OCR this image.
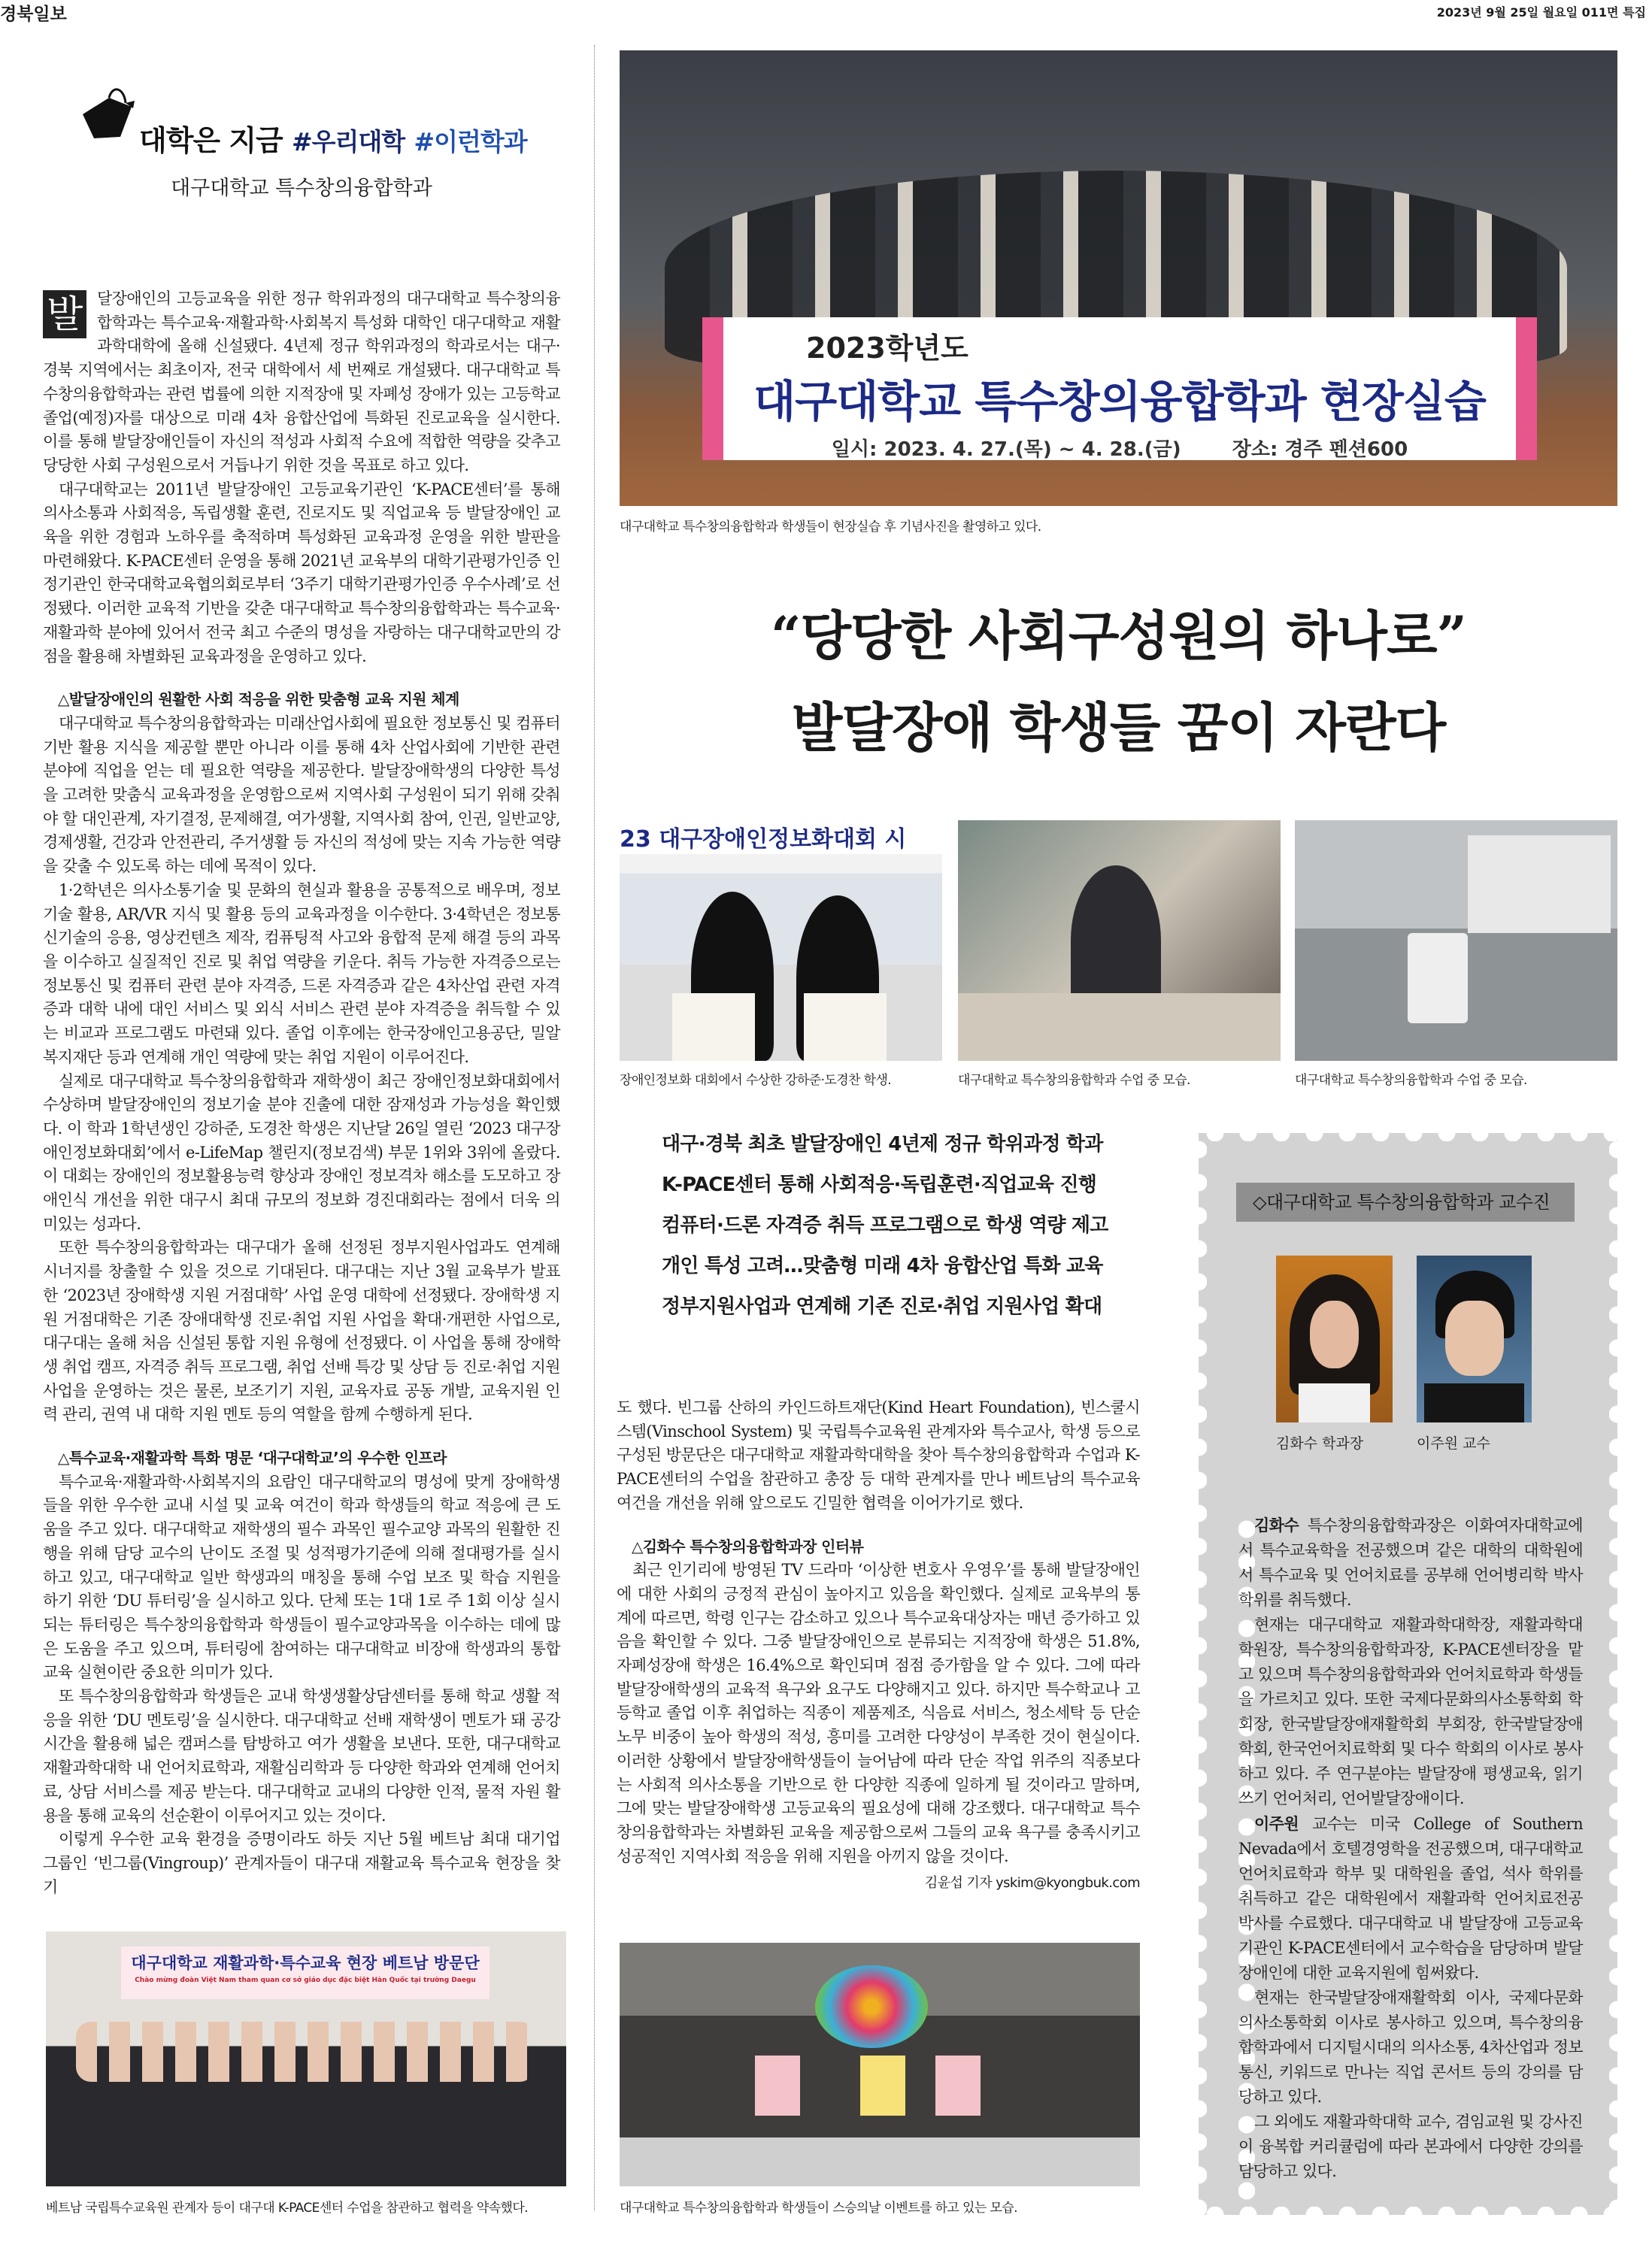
경북일보	2023년 9월 25일 월요일 011면 특집
대학은 지금 #우리대학 #이런학과
대구대학교 특수창의융합학과
발 달장애인의 고등교육을 위한 정규 학위과정의 대구대학교 특수창의융합학과는 특수교육·재활과학·사회복지 특성화 대학인 대구대학교 재활과학대학에 올해 신설됐다. 4년제 정규 학위과정의 학과로서는 대구·경북 지역에서는 최초이자, 전국 대학에서 세 번째로 개설됐다. 대구대학교 특수창의융합학과는 관련 법률에 의한 지적장애 및 자폐성 장애가 있는 고등학교 졸업(예정)자를 대상으로 미래 4차 융합산업에 특화된 진로교육을 실시한다. 이를 통해 발달장애인들이 자신의 적성과 사회적 수요에 적합한 역량을 갖추고 당당한 사회 구성원으로서 거듭나기 위한 것을 목표로 하고 있다.

대구대학교는 2011년 발달장애인 고등교육기관인 ‘K-PACE센터’를 통해 의사소통과 사회적응, 독립생활 훈련, 진로지도 및 직업교육 등 발달장애인 교육을 위한 경험과 노하우를 축적하며 특성화된 교육과정 운영을 위한 발판을 마련해왔다. K-PACE센터 운영을 통해 2021년 교육부의 대학기관평가인증 인정기관인 한국대학교육협의회로부터 ‘3주기 대학기관평가인증 우수사례’로 선정됐다. 이러한 교육적 기반을 갖춘 대구대학교 특수창의융합학과는 특수교육·재활과학 분야에 있어서 전국 최고 수준의 명성을 자랑하는 대구대학교만의 강점을 활용해 차별화된 교육과정을 운영하고 있다.

△발달장애인의 원활한 사회 적응을 위한 맞춤형 교육 지원 체계

대구대학교 특수창의융합학과는 미래산업사회에 필요한 정보통신 및 컴퓨터 기반 활용 지식을 제공할 뿐만 아니라 이를 통해 4차 산업사회에 기반한 관련 분야에 직업을 얻는 데 필요한 역량을 제공한다. 발달장애학생의 다양한 특성을 고려한 맞춤식 교육과정을 운영함으로써 지역사회 구성원이 되기 위해 갖춰야 할 대인관계, 자기결정, 문제해결, 여가생활, 지역사회 참여, 인권, 일반교양, 경제생활, 건강과 안전관리, 주거생활 등 자신의 적성에 맞는 지속 가능한 역량을 갖출 수 있도록 하는 데에 목적이 있다.

1·2학년은 의사소통기술 및 문화의 현실과 활용을 공통적으로 배우며, 정보기술 활용, AR/VR 지식 및 활용 등의 교육과정을 이수한다. 3·4학년은 정보통신기술의 응용, 영상컨텐츠 제작, 컴퓨팅적 사고와 융합적 문제 해결 등의 과목을 이수하고 실질적인 진로 및 취업 역량을 키운다. 취득 가능한 자격증으로는 정보통신 및 컴퓨터 관련 분야 자격증, 드론 자격증과 같은 4차산업 관련 자격증과 대학 내에 대인 서비스 및 외식 서비스 관련 분야 자격증을 취득할 수 있는 비교과 프로그램도 마련돼 있다. 졸업 이후에는 한국장애인고용공단, 밀알복지재단 등과 연계해 개인 역량에 맞는 취업 지원이 이루어진다.

실제로 대구대학교 특수창의융합학과 재학생이 최근 장애인정보화대회에서 수상하며 발달장애인의 정보기술 분야 진출에 대한 잠재성과 가능성을 확인했다. 이 학과 1학년생인 강하준, 도경찬 학생은 지난달 26일 열린 ‘2023 대구장애인정보화대회’에서 e-LifeMap 챌린지(정보검색) 부문 1위와 3위에 올랐다. 이 대회는 장애인의 정보활용능력 향상과 장애인 정보격차 해소를 도모하고 장애인식 개선을 위한 대구시 최대 규모의 정보화 경진대회라는 점에서 더욱 의미있는 성과다.

또한 특수창의융합학과는 대구대가 올해 선정된 정부지원사업과도 연계해 시너지를 창출할 수 있을 것으로 기대된다. 대구대는 지난 3월 교육부가 발표한 ‘2023년 장애학생 지원 거점대학’ 사업 운영 대학에 선정됐다. 장애학생 지원 거점대학은 기존 장애대학생 진로·취업 지원 사업을 확대·개편한 사업으로, 대구대는 올해 처음 신설된 통합 지원 유형에 선정됐다. 이 사업을 통해 장애학생 취업 캠프, 자격증 취득 프로그램, 취업 선배 특강 및 상담 등 진로·취업 지원 사업을 운영하는 것은 물론, 보조기기 지원, 교육자료 공동 개발, 교육지원 인력 관리, 권역 내 대학 지원 멘토 등의 역할을 함께 수행하게 된다.

△특수교육·재활과학 특화 명문 ‘대구대학교’의 우수한 인프라

특수교육·재활과학·사회복지의 요람인 대구대학교의 명성에 맞게 장애학생들을 위한 우수한 교내 시설 및 교육 여건이 학과 학생들의 학교 적응에 큰 도움을 주고 있다. 대구대학교 재학생의 필수 과목인 필수교양 과목의 원활한 진행을 위해 담당 교수의 난이도 조절 및 성적평가기준에 의해 절대평가를 실시하고 있고, 대구대학교 일반 학생과의 매칭을 통해 수업 보조 및 학습 지원을 하기 위한 ‘DU 튜터링’을 실시하고 있다. 단체 또는 1대 1로 주 1회 이상 실시되는 튜터링은 특수창의융합학과 학생들이 필수교양과목을 이수하는 데에 많은 도움을 주고 있으며, 튜터링에 참여하는 대구대학교 비장애 학생과의 통합교육 실현이란 중요한 의미가 있다.

또 특수창의융합학과 학생들은 교내 학생생활상담센터를 통해 학교 생활 적응을 위한 ‘DU 멘토링’을 실시한다. 대구대학교 선배 재학생이 멘토가 돼 공강시간을 활용해 넓은 캠퍼스를 탐방하고 여가 생활을 보낸다. 또한, 대구대학교 재활과학대학 내 언어치료학과, 재활심리학과 등 다양한 학과와 연계해 언어치료, 상담 서비스를 제공 받는다. 대구대학교 교내의 다양한 인적, 물적 자원 활용을 통해 교육의 선순환이 이루어지고 있는 것이다.

이렇게 우수한 교육 환경을 증명이라도 하듯 지난 5월 베트남 최대 대기업 그룹인 ‘빈그룹(Vingroup)’ 관계자들이 대구대 재활교육 특수교육 현장을 찾기

2023학년도
대구대학교 특수창의융합학과 현장실습
일시: 2023. 4. 27.(목) ~ 4. 28.(금)	장소: 경주 펜션600
대구대학교 특수창의융합학과 학생들이 현장실습 후 기념사진을 촬영하고 있다.
“당당한 사회구성원의 하나로”
발달장애 학생들 꿈이 자란다
23 대구장애인정보화대회 시
장애인정보화 대회에서 수상한 강하준·도경찬 학생.	대구대학교 특수창의융합학과 수업 중 모습.	대구대학교 특수창의융합학과 수업 중 모습.
대구·경북 최초 발달장애인 4년제 정규 학위과정 학과
K-PACE센터 통해 사회적응·독립훈련·직업교육 진행
컴퓨터·드론 자격증 취득 프로그램으로 학생 역량 제고
개인 특성 고려…맞춤형 미래 4차 융합산업 특화 교육
정부지원사업과 연계해 기존 진로·취업 지원사업 확대

도 했다. 빈그룹 산하의 카인드하트재단(Kind Heart Foundation), 빈스쿨시스템(Vinschool System) 및 국립특수교육원 관계자와 특수교사, 학생 등으로 구성된 방문단은 대구대학교 재활과학대학을 찾아 특수창의융합학과 수업과 K-PACE센터의 수업을 참관하고 총장 등 대학 관계자를 만나 베트남의 특수교육 여건을 개선을 위해 앞으로도 긴밀한 협력을 이어가기로 했다.

△김화수 특수창의융합학과장 인터뷰

최근 인기리에 방영된 TV 드라마 ‘이상한 변호사 우영우’를 통해 발달장애인에 대한 사회의 긍정적 관심이 높아지고 있음을 확인했다. 실제로 교육부의 통계에 따르면, 학령 인구는 감소하고 있으나 특수교육대상자는 매년 증가하고 있음을 확인할 수 있다. 그중 발달장애인으로 분류되는 지적장애 학생은 51.8%, 자폐성장애 학생은 16.4%으로 확인되며 점점 증가함을 알 수 있다. 그에 따라 발달장애학생의 교육적 욕구와 요구도 다양해지고 있다. 하지만 특수학교나 고등학교 졸업 이후 취업하는 직종이 제품제조, 식음료 서비스, 청소세탁 등 단순 노무 비중이 높아 학생의 적성, 흥미를 고려한 다양성이 부족한 것이 현실이다. 이러한 상황에서 발달장애학생들이 늘어남에 따라 단순 작업 위주의 직종보다는 사회적 의사소통을 기반으로 한 다양한 직종에 일하게 될 것이라고 말하며, 그에 맞는 발달장애학생 고등교육의 필요성에 대해 강조했다. 대구대학교 특수창의융합학과는 차별화된 교육을 제공함으로써 그들의 교육 욕구를 충족시키고 성공적인 지역사회 적응을 위해 지원을 아끼지 않을 것이다.

김윤섭 기자 yskim@kyongbuk.com
◇대구대학교 특수창의융합학과 교수진
김화수 학과장	이주원 교수

김화수 특수창의융합학과장은 이화여자대학교에서 특수교육학을 전공했으며 같은 대학의 대학원에서 특수교육 및 언어치료를 공부해 언어병리학 박사 학위를 취득했다.

현재는 대구대학교 재활과학대학장, 재활과학대학원장, 특수창의융합학과장, K-PACE센터장을 맡고 있으며 특수창의융합학과와 언어치료학과 학생들을 가르치고 있다. 또한 국제다문화의사소통학회 학회장, 한국발달장애재활학회 부회장, 한국발달장애학회, 한국언어치료학회 및 다수 학회의 이사로 봉사하고 있다. 주 연구분야는 발달장애 평생교육, 읽기쓰기 언어처리, 언어발달장애이다.

이주원 교수는 미국 College of Southern Nevada에서 호텔경영학을 전공했으며, 대구대학교 언어치료학과 학부 및 대학원을 졸업, 석사 학위를 취득하고 같은 대학원에서 재활과학 언어치료전공 박사를 수료했다. 대구대학교 내 발달장애 고등교육기관인 K-PACE센터에서 교수학습을 담당하며 발달장애인에 대한 교육지원에 힘써왔다.

현재는 한국발달장애재활학회 이사, 국제다문화의사소통학회 이사로 봉사하고 있으며, 특수창의융합학과에서 디지털시대의 의사소통, 4차산업과 정보통신, 키워드로 만나는 직업 콘서트 등의 강의를 담당하고 있다.

그 외에도 재활과학대학 교수, 겸임교원 및 강사진이 융복합 커리큘럼에 따라 본과에서 다양한 강의를 담당하고 있다.

대구대학교 재활과학·특수교육 현장 베트남 방문단
Chào mừng đoàn Việt Nam tham quan cơ sở giáo dục đặc biệt Hàn Quốc tại trường Daegu
베트남 국립특수교육원 관계자 등이 대구대 K-PACE센터 수업을 참관하고 협력을 약속했다.	대구대학교 특수창의융합학과 학생들이 스승의날 이벤트를 하고 있는 모습.
